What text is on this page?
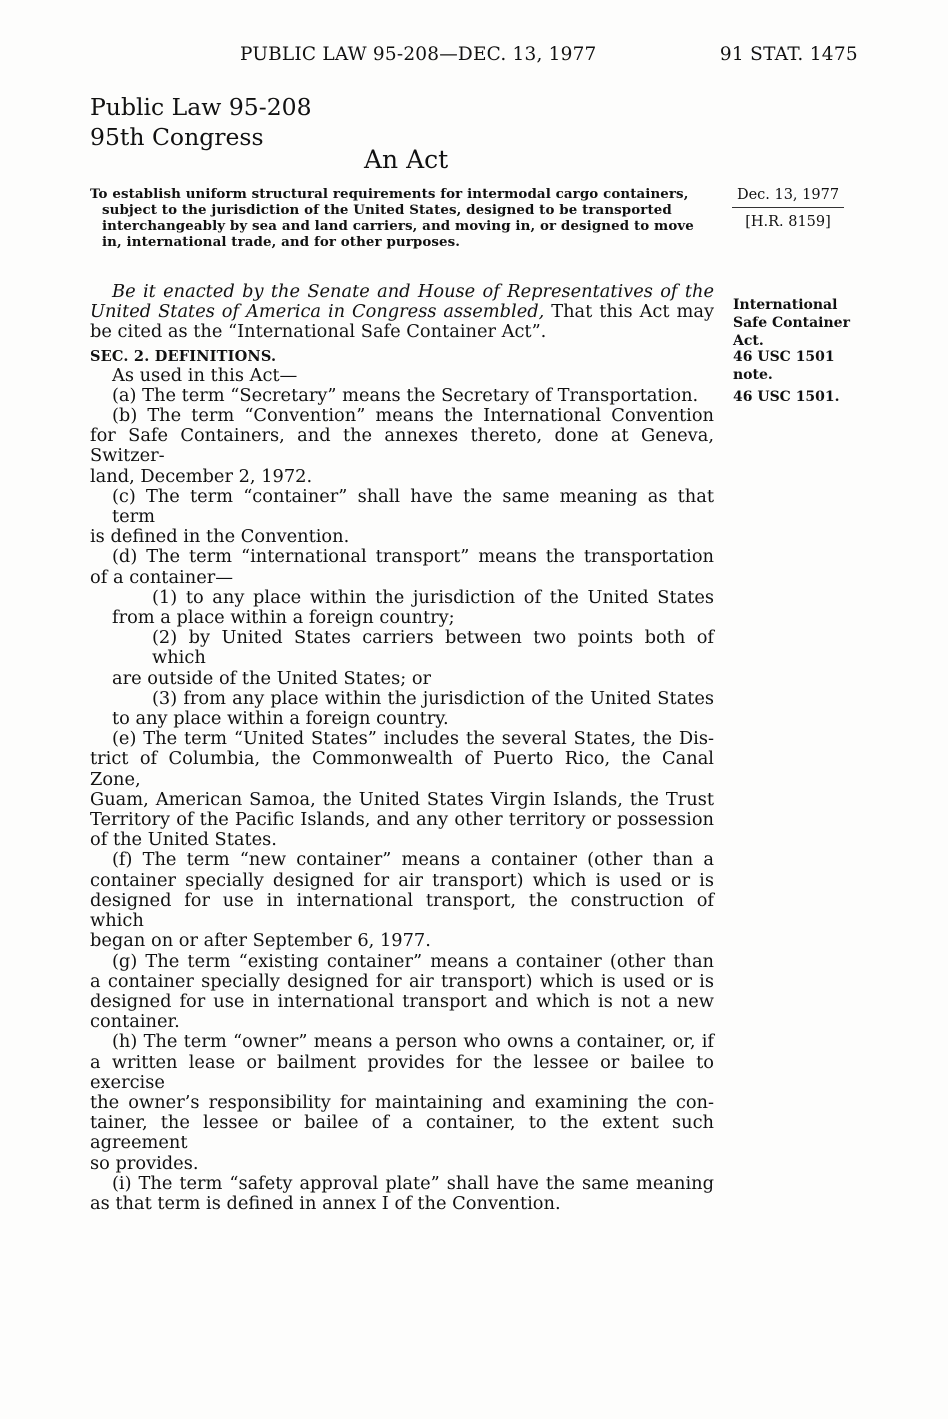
PUBLIC LAW 95-208—DEC. 13, 1977	91 STAT. 1475
Public Law 95-208
95th Congress
An Act
To establish uniform structural requirements for intermodal cargo containers,
subject to the jurisdiction of the United States, designed to be transported
interchangeably by sea and land carriers, and moving in, or designed to move
in, international trade, and for other purposes.
Dec. 13, 1977
[H.R. 8159]
International Safe Container Act.
46 USC 1501 note.
46 USC 1501.
Be it enacted by the Senate and House of Representatives of the
United States of America in Congress assembled, That this Act may
be cited as the “International Safe Container Act”.
SEC. 2. DEFINITIONS.
As used in this Act—
(a) The term “Secretary” means the Secretary of Transportation.
(b) The term “Convention” means the International Convention
for Safe Containers, and the annexes thereto, done at Geneva, Switzer-
land, December 2, 1972.
(c) The term “container” shall have the same meaning as that term
is defined in the Convention.
(d) The term “international transport” means the transportation
of a container—
(1) to any place within the jurisdiction of the United States
from a place within a foreign country;
(2) by United States carriers between two points both of which
are outside of the United States; or
(3) from any place within the jurisdiction of the United States
to any place within a foreign country.
(e) The term “United States” includes the several States, the Dis-
trict of Columbia, the Commonwealth of Puerto Rico, the Canal Zone,
Guam, American Samoa, the United States Virgin Islands, the Trust
Territory of the Pacific Islands, and any other territory or possession
of the United States.
(f) The term “new container” means a container (other than a
container specially designed for air transport) which is used or is
designed for use in international transport, the construction of which
began on or after September 6, 1977.
(g) The term “existing container” means a container (other than
a container specially designed for air transport) which is used or is
designed for use in international transport and which is not a new
container.
(h) The term “owner” means a person who owns a container, or, if
a written lease or bailment provides for the lessee or bailee to exercise
the owner’s responsibility for maintaining and examining the con-
tainer, the lessee or bailee of a container, to the extent such agreement
so provides.
(i) The term “safety approval plate” shall have the same meaning
as that term is defined in annex I of the Convention.
